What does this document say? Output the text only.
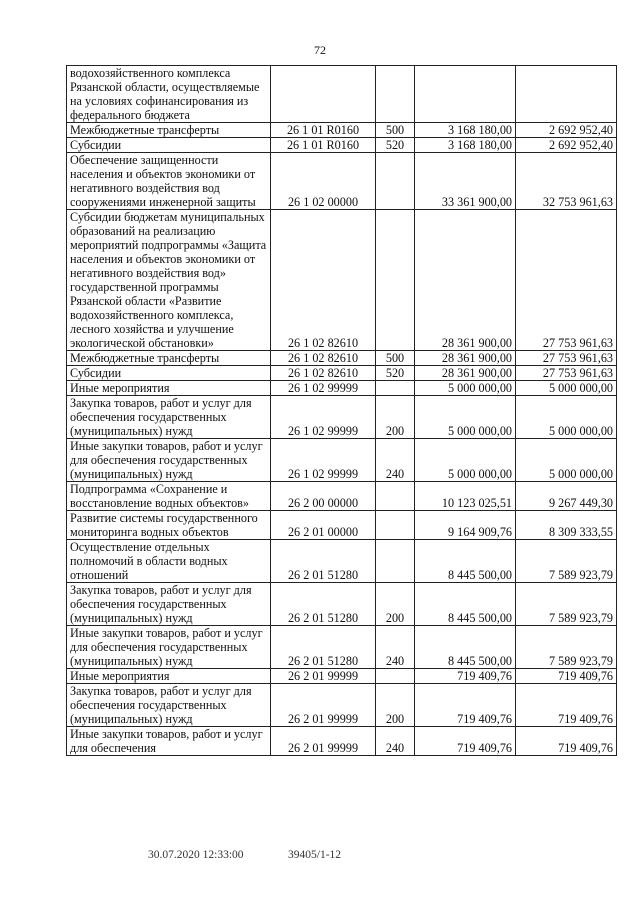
72
водохозяйственного комплекса Рязанской области, осуществляемые на условиях софинансирования из федерального бюджета				
Межбюджетные трансферты	26 1 01 R0160	500	3 168 180,00	2 692 952,40
Субсидии	26 1 01 R0160	520	3 168 180,00	2 692 952,40
Обеспечение защищенности населения и объектов экономики от негативного воздействия вод сооружениями инженерной защиты	26 1 02 00000		33 361 900,00	32 753 961,63
Субсидии бюджетам муниципальных образований на реализацию мероприятий подпрограммы «Защита населения и объектов экономики от негативного воздействия вод» государственной программы Рязанской области «Развитие водохозяйственного комплекса, лесного хозяйства и улучшение экологической обстановки»	26 1 02 82610		28 361 900,00	27 753 961,63
Межбюджетные трансферты	26 1 02 82610	500	28 361 900,00	27 753 961,63
Субсидии	26 1 02 82610	520	28 361 900,00	27 753 961,63
Иные мероприятия	26 1 02 99999		5 000 000,00	5 000 000,00
Закупка товаров, работ и услуг для обеспечения государственных (муниципальных) нужд	26 1 02 99999	200	5 000 000,00	5 000 000,00
Иные закупки товаров, работ и услуг для обеспечения государственных (муниципальных) нужд	26 1 02 99999	240	5 000 000,00	5 000 000,00
Подпрограмма «Сохранение и восстановление водных объектов»	26 2 00 00000		10 123 025,51	9 267 449,30
Развитие системы государственного мониторинга водных объектов	26 2 01 00000		9 164 909,76	8 309 333,55
Осуществление отдельных полномочий в области водных отношений	26 2 01 51280		8 445 500,00	7 589 923,79
Закупка товаров, работ и услуг для обеспечения государственных (муниципальных) нужд	26 2 01 51280	200	8 445 500,00	7 589 923,79
Иные закупки товаров, работ и услуг для обеспечения государственных (муниципальных) нужд	26 2 01 51280	240	8 445 500,00	7 589 923,79
Иные мероприятия	26 2 01 99999		719 409,76	719 409,76
Закупка товаров, работ и услуг для обеспечения государственных (муниципальных) нужд	26 2 01 99999	200	719 409,76	719 409,76
Иные закупки товаров, работ и услуг для обеспечения	26 2 01 99999	240	719 409,76	719 409,76
30.07.2020 12:33:00	39405/1-12
